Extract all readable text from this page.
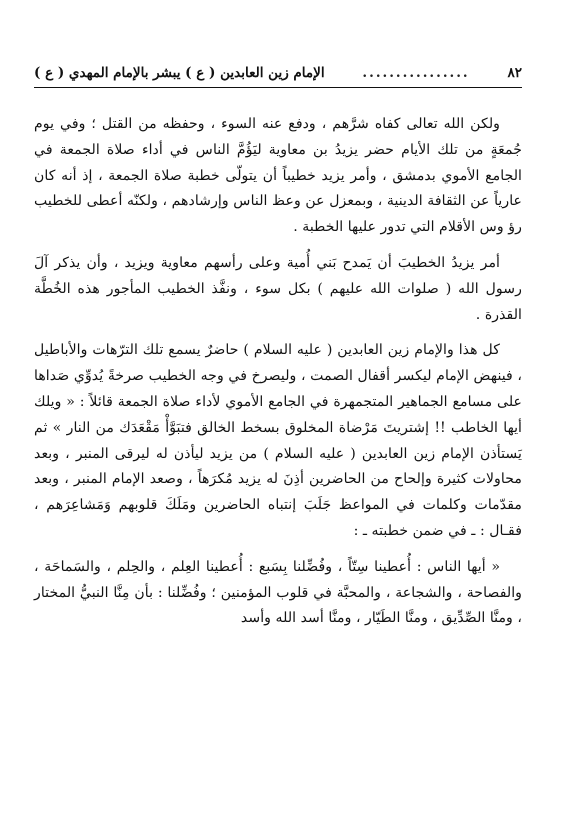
٨٢
................
الإمام زين العابدين ( ع ) يبشر بالإمام المهدي ( ع )

ولكن الله تعالى كفاه شرَّهم ، ودفع عنه السوء ، وحفظه من القتل ؛ وفي يوم جُمعَةٍ من تلك الأيام حضر يزيدُ بن معاوية ليَؤُمَّ الناس في أداء صلاة الجمعة في الجامع الأموي بدمشق ، وأمر يزيد خطيباً أن يتولّى خطبة صلاة الجمعة ، إذ أنه كان عارياً عن الثقافة الدينية ، وبمعزل عن وعظ الناس وإرشادهم ، ولكنّه أعطى للخطيب رؤ وس الأقلام التي تدور عليها الخطبة .

أمر يزيدُ الخطيبَ أن يَمدح بَني أُمية وعلى رأسهم معاوية ويزيد ، وأن يذكر آلَ رسول الله ( صلوات الله عليهم ) بكل سوء ، ونفَّذ الخطيب المأجور هذه الخُطَّة القذرة .

كل هذا والإمام زين العابدين ( عليه السلام ) حاضرٌ يسمع تلك الترّهات والأباطيل ، فينهض الإمام ليكسر أقفال الصمت ، وليصرخ في وجه الخطيب صرخةً يُدوِّي صَداها على مسامع الجماهير المتجمهرة في الجامع الأموي لأداء صلاة الجمعة قائلاً : « ويلك أيها الخاطب !! إشتريتَ مَرْضاة المخلوق بسخط الخالق فتبَوَّأْ مَقْعَدَك من النار » ثم يَستأذن الإمام زين العابدين ( عليه السلام ) من يزيد ليأذن له ليرقى المنبر ، وبعد محاولات كثيرة وإلحاح من الحاضرين أذِنَ له يزيد مُكرَهاً ، وصعد الإمام المنبر ، وبعد مقدّمات وكلمات في المواعظ جَلَبَ إنتباه الحاضرين ومَلَكَ قلوبهم وَمَشاعِرَهم ، فقـال : ـ في ضمن خطبته ـ :

« أيها الناس : أُعطينا سِتّاً ، وفُضِّلنا بِسَبع : أُعطينا العِلم ، والحِلم ، والسَماحَة ، والفصاحة ، والشجاعة ، والمحبَّة في قلوب المؤمنين ؛ وفُضِّلنا : بأن مِنَّا النبيُّ المختار ، ومنَّا الصِّدِّيق ، ومنَّا الطَيّار ، ومنَّا أسد الله وأسد
